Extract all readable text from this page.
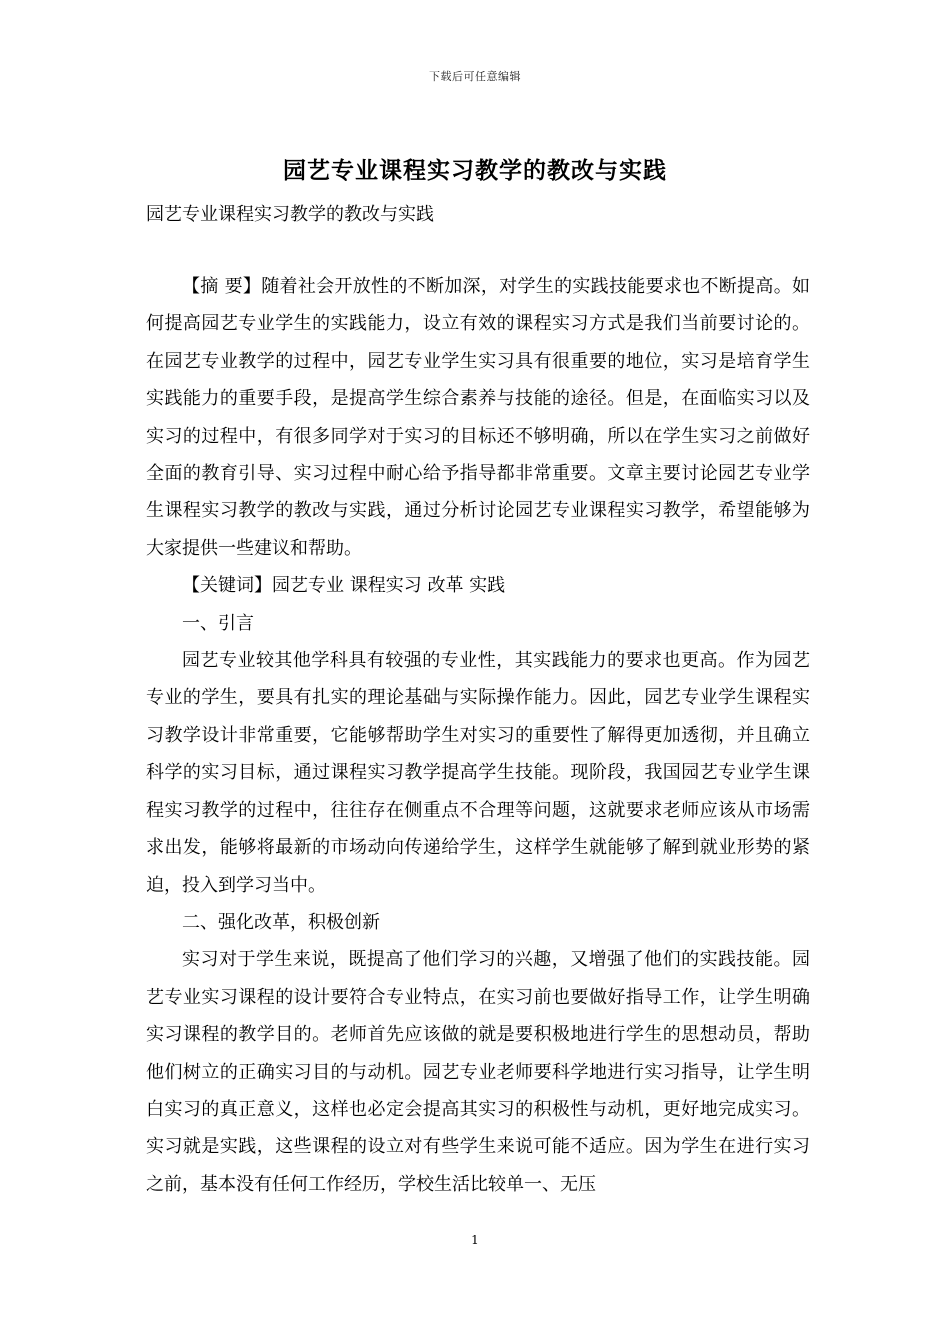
下载后可任意编辑
园艺专业课程实习教学的教改与实践
园艺专业课程实习教学的教改与实践

【摘 要】随着社会开放性的不断加深，对学生的实践技能要求也不断提高。如何提高园艺专业学生的实践能力，设立有效的课程实习方式是我们当前要讨论的。在园艺专业教学的过程中，园艺专业学生实习具有很重要的地位，实习是培育学生实践能力的重要手段，是提高学生综合素养与技能的途径。但是，在面临实习以及实习的过程中，有很多同学对于实习的目标还不够明确，所以在学生实习之前做好全面的教育引导、实习过程中耐心给予指导都非常重要。文章主要讨论园艺专业学生课程实习教学的教改与实践，通过分析讨论园艺专业课程实习教学，希望能够为大家提供一些建议和帮助。

【关键词】园艺专业 课程实习 改革 实践

一、引言

园艺专业较其他学科具有较强的专业性，其实践能力的要求也更高。作为园艺专业的学生，要具有扎实的理论基础与实际操作能力。因此，园艺专业学生课程实习教学设计非常重要，它能够帮助学生对实习的重要性了解得更加透彻，并且确立科学的实习目标，通过课程实习教学提高学生技能。现阶段，我国园艺专业学生课程实习教学的过程中，往往存在侧重点不合理等问题，这就要求老师应该从市场需求出发，能够将最新的市场动向传递给学生，这样学生就能够了解到就业形势的紧迫，投入到学习当中。

二、强化改革，积极创新

实习对于学生来说，既提高了他们学习的兴趣，又增强了他们的实践技能。园艺专业实习课程的设计要符合专业特点，在实习前也要做好指导工作，让学生明确实习课程的教学目的。老师首先应该做的就是要积极地进行学生的思想动员，帮助他们树立的正确实习目的与动机。园艺专业老师要科学地进行实习指导，让学生明白实习的真正意义，这样也必定会提高其实习的积极性与动机，更好地完成实习。实习就是实践，这些课程的设立对有些学生来说可能不适应。因为学生在进行实习之前，基本没有任何工作经历，学校生活比较单一、无压

1
